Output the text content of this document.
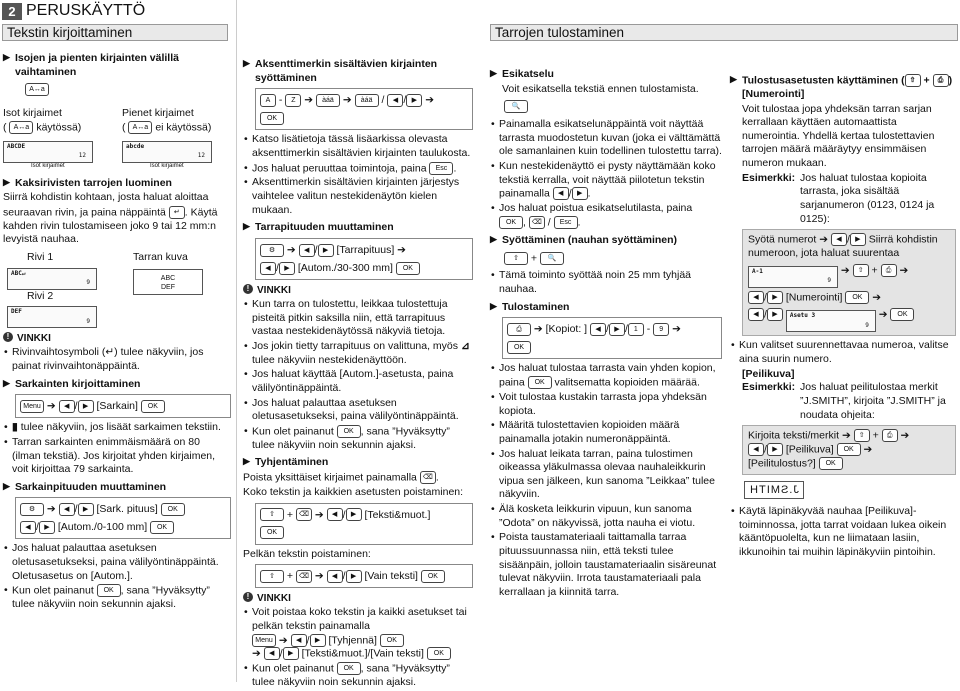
2 PERUSKÄYTTÖ
Tekstin kirjoittaminen	Tarrojen tulostaminen
▶ Isojen ja pienten kirjainten välillä vaihtaminen
A↔a
Isot kirjaimet
( A↔a käytössä)
ABCDE
12
Isot kirjaimet
Pienet kirjaimet
( A↔a ei käytössä)
abcde
12
Isot kirjaimet
▶ Kaksirivisten tarrojen luominen
Siirrä kohdistin kohtaan, josta haluat aloittaa
seuraavan rivin, ja paina näppäintä ↵ . Käytä kahden rivin tulostamiseen joko 9 tai 12 mm:n levyistä nauhaa.
Rivi 1
ABC↵
9
Rivi 2
DEF
9
Tarran kuva
ABC
DEF
! VINKKI
• Rivinvaihtosymboli (↵) tulee näkyviin, jos painat rivinvaihtonäppäintä.
▶ Sarkainten kirjoittaminen
Menu ➔ ◀ / ▶ [Sarkain] OK
• ▮ tulee näkyviin, jos lisäät sarkaimen tekstiin.
• Tarran sarkainten enimmäismäärä on 80 (ilman tekstiä). Jos kirjoitat yhden kirjaimen, voit kirjoittaa 79 sarkainta.
▶ Sarkainpituuden muuttaminen
⚙ ➔ ◀ / ▶ [Sark. pituus] OK
◀ / ▶ [Autom./0-100 mm] OK
• Jos haluat palauttaa asetuksen oletusasetukseksi, paina välilyöntinäppäintä. Oletusasetus on [Autom.].
• Kun olet painanut OK , sana ”Hyväksytty” tulee näkyviin noin sekunnin ajaksi.
▶ Aksenttimerkin sisältävien kirjainten syöttäminen
A - Z ➔ àáä ➔ àáä / ◀ / ▶ ➔
OK
• Katso lisätietoja tässä lisäarkissa olevasta aksenttimerkin sisältävien kirjainten taulukosta.
• Jos haluat peruuttaa toimintoja, paina Esc .
• Aksenttimerkin sisältävien kirjainten järjestys vaihtelee valitun nestekidenäytön kielen mukaan.
▶ Tarrapituuden muuttaminen
⚙ ➔ ◀ / ▶ [Tarrapituus] ➔
◀ / ▶ [Autom./30-300 mm] OK
! VINKKI
• Kun tarra on tulostettu, leikkaa tulostettuja pisteitä pitkin saksilla niin, että tarrapituus vastaa nestekidenäytössä näkyviä tietoja.
• Jos jokin tietty tarrapituus on valittuna, myös ⊿ tulee näkyviin nestekidenäyttöön.
• Jos haluat käyttää [Autom.]-asetusta, paina välilyöntinäppäintä.
• Jos haluat palauttaa asetuksen oletusasetukseksi, paina välilyöntinäppäintä.
• Kun olet painanut OK , sana ”Hyväksytty” tulee näkyviin noin sekunnin ajaksi.
▶ Tyhjentäminen
Poista yksittäiset kirjaimet painamalla ⌫ .
Koko tekstin ja kaikkien asetusten poistaminen:
⇧ + ⌫ ➔ ◀ / ▶ [Teksti&muot.]
OK
Pelkän tekstin poistaminen:
⇧ + ⌫ ➔ ◀ / ▶ [Vain teksti] OK
! VINKKI
• Voit poistaa koko tekstin ja kaikki asetukset tai pelkän tekstin painamalla
Menu ➔ ◀ / ▶ [Tyhjennä] OK
➔ ◀ / ▶ [Teksti&muot.]/[Vain teksti] OK
• Kun olet painanut OK , sana ”Hyväksytty” tulee näkyviin noin sekunnin ajaksi.
▶ Esikatselu
Voit esikatsella tekstiä ennen tulostamista.
🔍
• Painamalla esikatselunäppäintä voit näyttää tarrasta muodostetun kuvan (joka ei välttämättä ole samanlainen kuin todellinen tulostettu tarra).
• Kun nestekidenäyttö ei pysty näyttämään koko tekstiä kerralla, voit näyttää piilotetun tekstin painamalla ◀ / ▶ .
• Jos haluat poistua esikatselutilasta, paina
OK , ⌫ / Esc .
▶ Syöttäminen (nauhan syöttäminen)
⇧ + 🔍
• Tämä toiminto syöttää noin 25 mm tyhjää nauhaa.
▶ Tulostaminen
⎙ ➔ [Kopiot: ] ◀ / ▶ / 1 - 9 ➔
OK
• Jos haluat tulostaa tarrasta vain yhden kopion, paina OK valitsematta kopioiden määrää.
• Voit tulostaa kustakin tarrasta jopa yhdeksän kopiota.
• Määritä tulostettavien kopioiden määrä painamalla jotakin numeronäppäintä.
• Jos haluat leikata tarran, paina tulostimen oikeassa yläkulmassa olevaa nauhaleikkurin vipua sen jälkeen, kun sanoma ”Leikkaa” tulee näkyviin.
• Älä kosketa leikkurin vipuun, kun sanoma ”Odota” on näkyvissä, jotta nauha ei viotu.
• Poista taustamateriaali taittamalla tarraa pituussuunnassa niin, että teksti tulee sisäänpäin, jolloin taustamateriaalin sisäreunat tulevat näkyviin. Irrota taustamateriaali pala kerrallaan ja kiinnitä tarra.
▶ Tulostusasetusten käyttäminen ( ⇧ + ⎙ )
[Numerointi]
Voit tulostaa jopa yhdeksän tarran sarjan kerrallaan käyttäen automaattista numerointia. Yhdellä kertaa tulostettavien tarrojen määrä määräytyy ensimmäisen numeron mukaan.
Esimerkki: Jos haluat tulostaa kopioita tarrasta, joka sisältää sarjanumeron (0123, 0124 ja 0125):
Syötä numerot ➔ ◀ / ▶ Siirrä kohdistin numeroon, jota haluat suurentaa
A-1
9
➔ ⇧ + ⎙ ➔
◀ / ▶ [Numerointi] OK ➔
◀ / ▶ Asetu 3
9
➔ OK
• Kun valitset suurennettavaa numeroa, valitse aina suurin numero.
[Peilikuva]
Esimerkki: Jos haluat peilitulostaa merkit ”J.SMITH”, kirjoita ”J.SMITH” ja noudata ohjeita:
Kirjoita teksti/merkit ➔ ⇧ + ⎙ ➔
◀ / ▶ [Peilikuva] OK ➔
[Peilitulostus?] OK
J.SMITH
• Käytä läpinäkyvää nauhaa [Peilikuva]-toiminnossa, jotta tarrat voidaan lukea oikein kääntöpuolelta, kun ne liimataan lasiin, ikkunoihin tai muihin läpinäkyviin pintoihin.
